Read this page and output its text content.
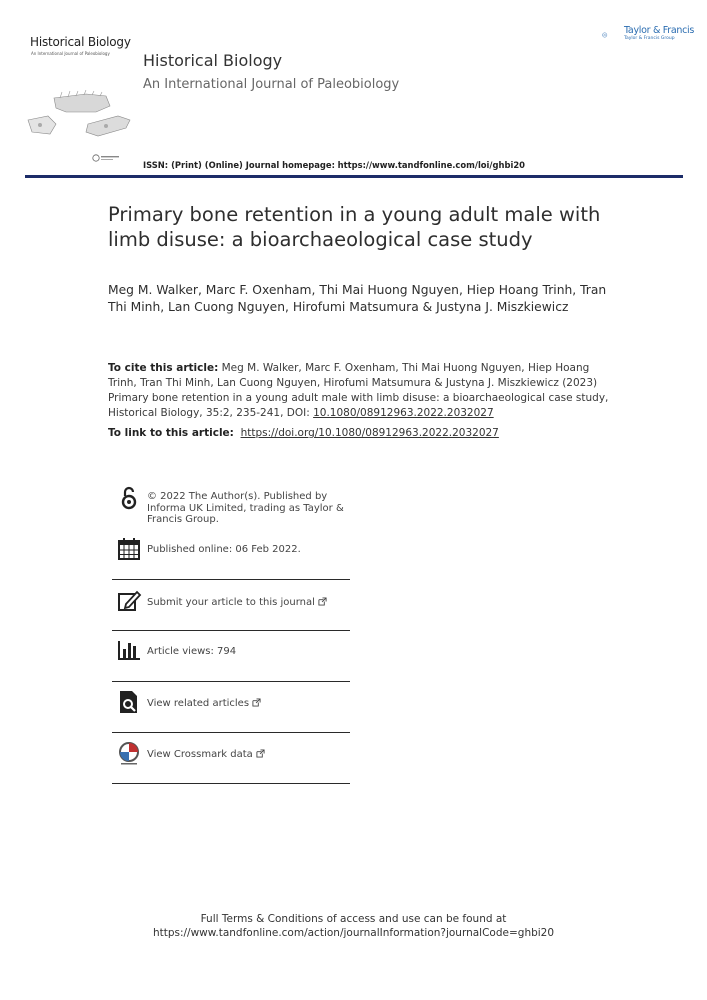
Historical Biology
An International Journal of Paleobiology Historical Biology
An International Journal of Paleobiology
ISSN: (Print) (Online) Journal homepage: https://www.tandfonline.com/loi/ghbi20
Taylor & Francis
Taylor & Francis Group
Primary bone retention in a young adult male with limb disuse: a bioarchaeological case study
Meg M. Walker, Marc F. Oxenham, Thi Mai Huong Nguyen, Hiep Hoang Trinh, Tran Thi Minh, Lan Cuong Nguyen, Hirofumi Matsumura & Justyna J. Miszkiewicz
To cite this article: Meg M. Walker, Marc F. Oxenham, Thi Mai Huong Nguyen, Hiep Hoang Trinh, Tran Thi Minh, Lan Cuong Nguyen, Hirofumi Matsumura & Justyna J. Miszkiewicz (2023) Primary bone retention in a young adult male with limb disuse: a bioarchaeological case study, Historical Biology, 35:2, 235-241, DOI: 10.1080/08912963.2022.2032027
To link to this article: https://doi.org/10.1080/08912963.2022.2032027
© 2022 The Author(s). Published by Informa UK Limited, trading as Taylor & Francis Group.
Published online: 06 Feb 2022.
Submit your article to this journal
Article views: 794
View related articles
View Crossmark data
Full Terms & Conditions of access and use can be found at
https://www.tandfonline.com/action/journalInformation?journalCode=ghbi20
